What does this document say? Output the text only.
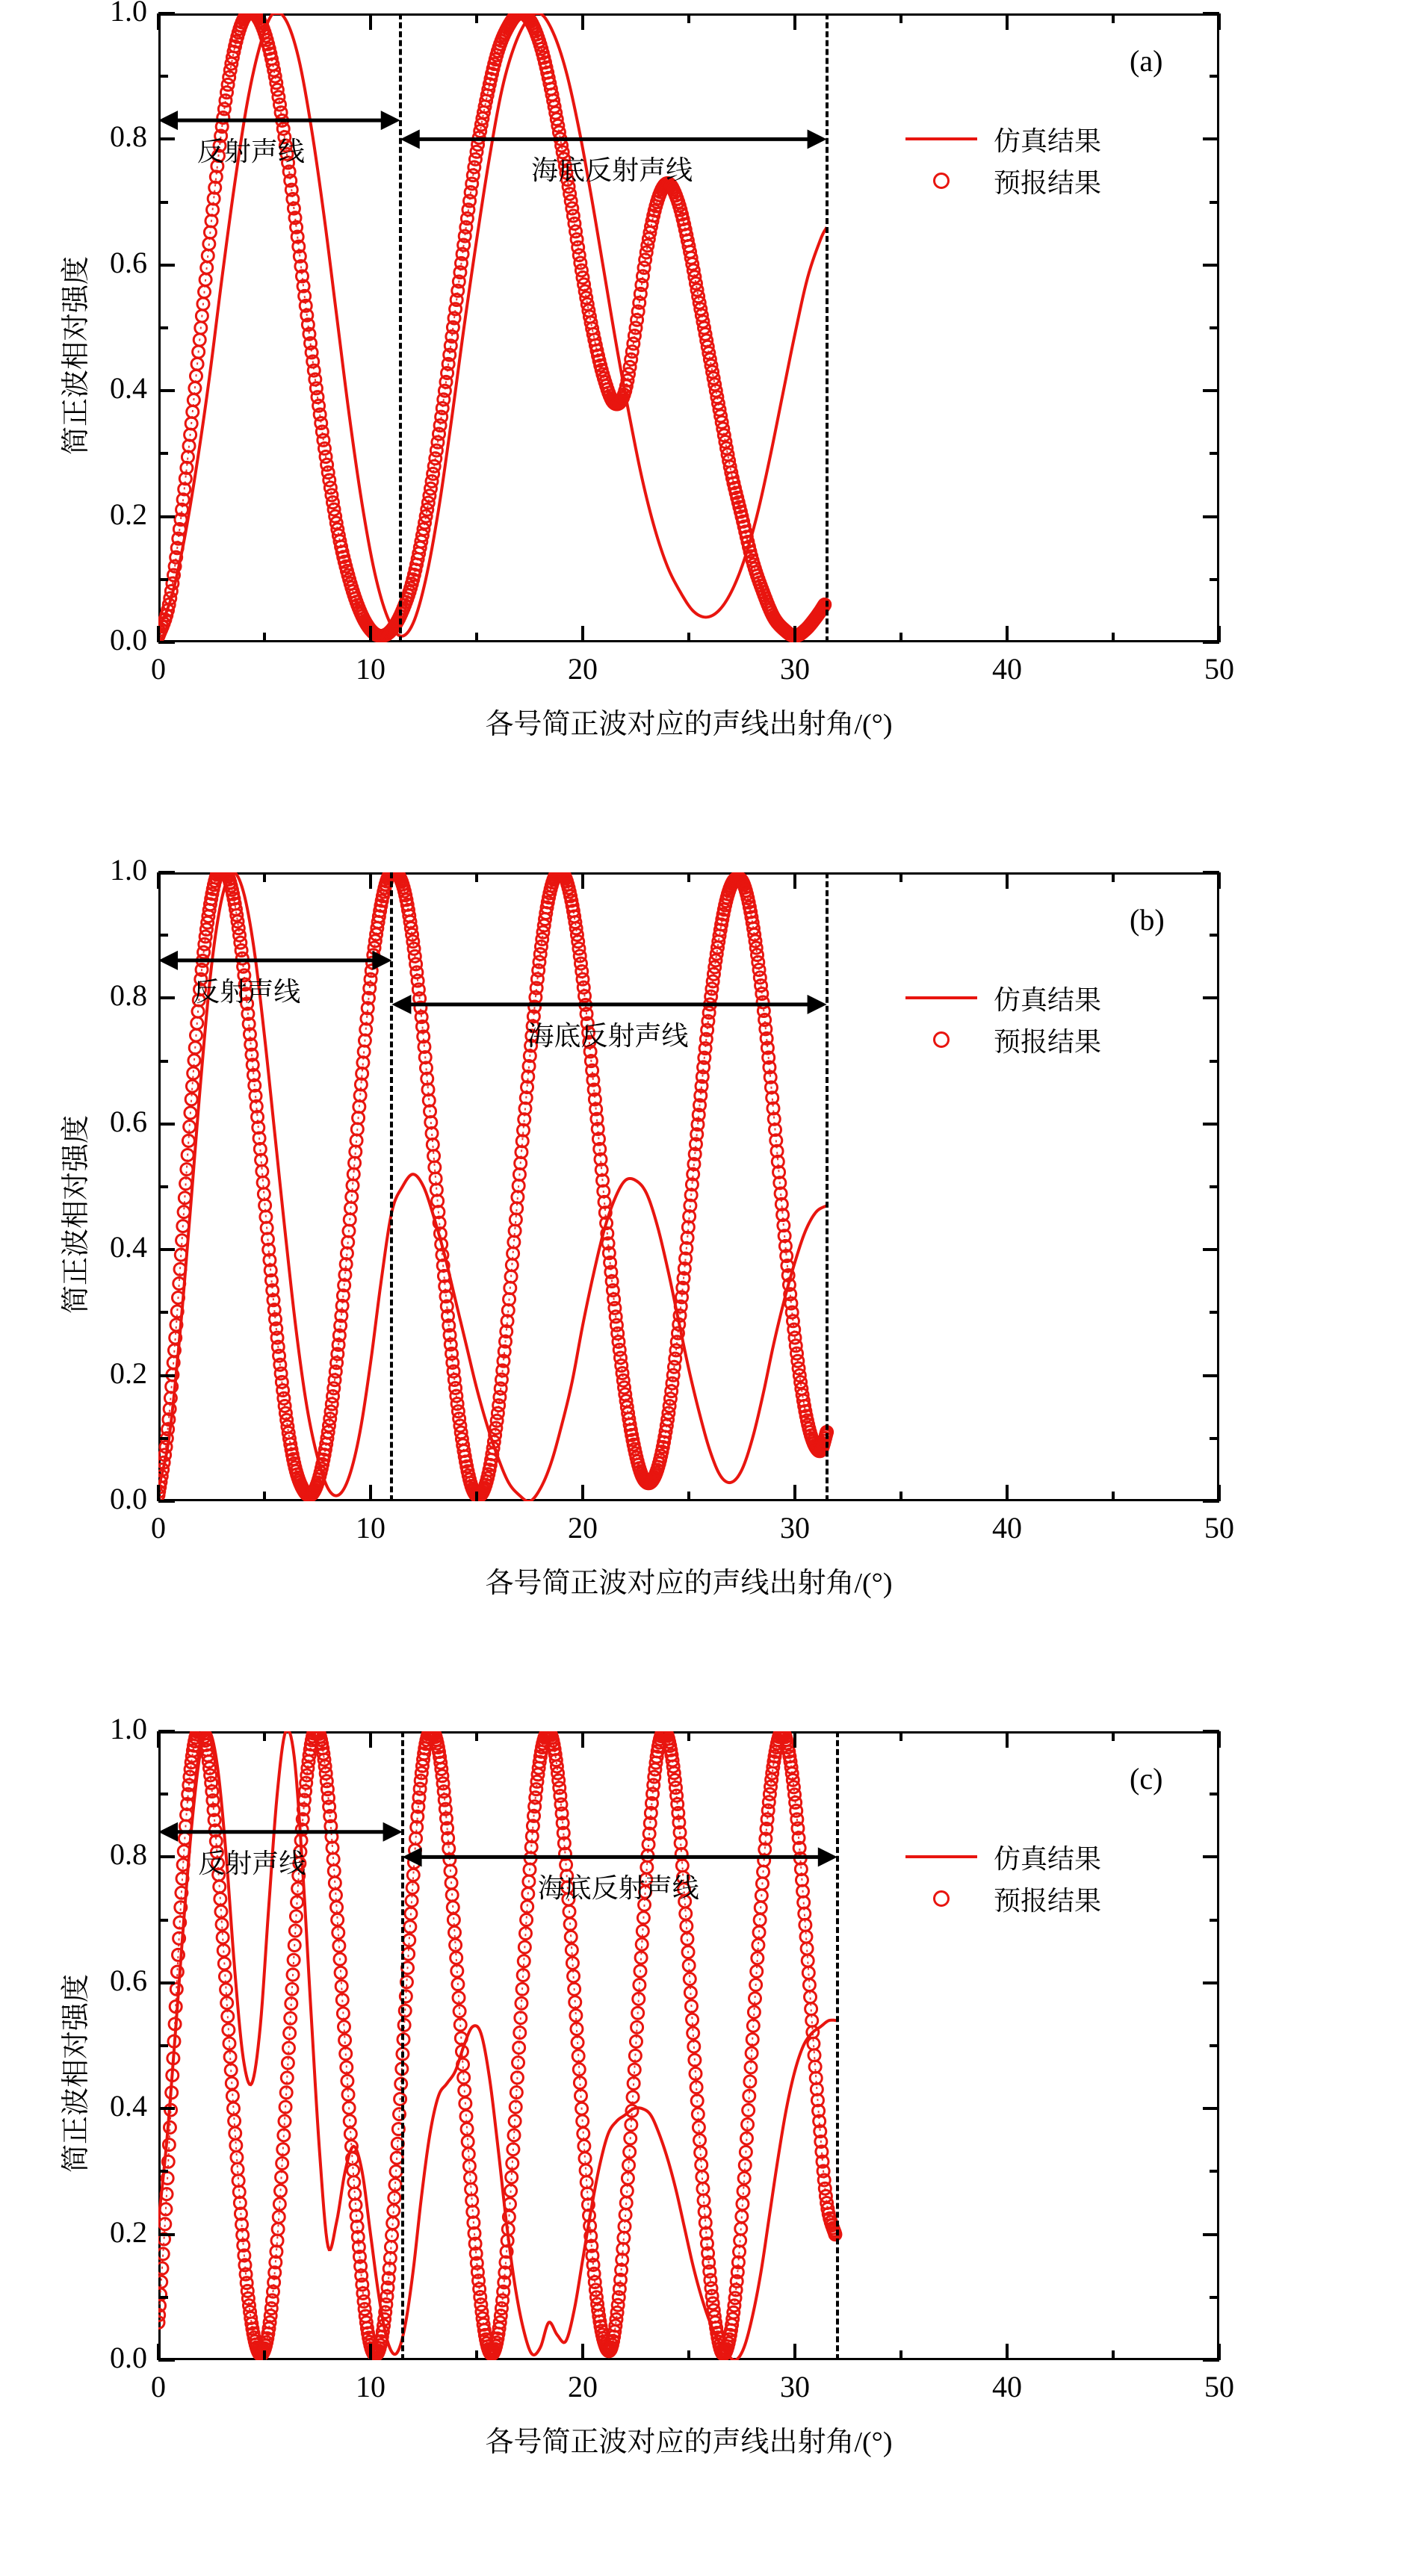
0.0
0.2
0.4
0.6
0.8
1.0
0	10	20	30	40	50
简正波相对强度
各号简正波对应的声线出射角/(°)
(a)
反射声线
海底反射声线
仿真结果
预报结果
0.0
0.2
0.4
0.6
0.8
1.0
0	10	20	30	40	50
简正波相对强度
各号简正波对应的声线出射角/(°)
(b)
反射声线
海底反射声线
仿真结果
预报结果
0.0
0.2
0.4
0.6
0.8
1.0
0	10	20	30	40	50
简正波相对强度
各号简正波对应的声线出射角/(°)
(c)
反射声线
海底反射声线
仿真结果
预报结果
